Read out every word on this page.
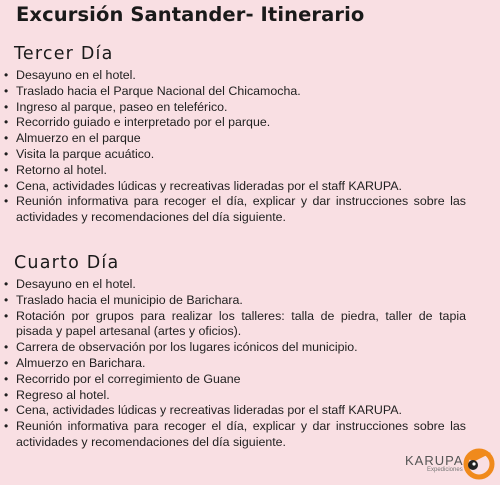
Excursión Santander- Itinerario
Tercer Día
• Desayuno en el hotel.
• Traslado hacia el Parque Nacional del Chicamocha.
• Ingreso al parque, paseo en teleférico.
• Recorrido guiado e interpretado por el parque.
• Almuerzo en el parque
• Visita la parque acuático.
• Retorno al hotel.
• Cena, actividades lúdicas y recreativas lideradas por el staff KARUPA.
• Reunión informativa para recoger el día, explicar y dar instrucciones sobre las actividades y recomendaciones del día siguiente.
Cuarto Día
• Desayuno en el hotel.
• Traslado hacia el municipio de Barichara.
• Rotación por grupos para realizar los talleres: talla de piedra, taller de tapia pisada y papel artesanal (artes y oficios).
• Carrera de observación por los lugares icónicos del municipio.
• Almuerzo en Barichara.
• Recorrido por el corregimiento de Guane
• Regreso al hotel.
• Cena, actividades lúdicas y recreativas lideradas por el staff KARUPA.
• Reunión informativa para recoger el día, explicar y dar instrucciones sobre las actividades y recomendaciones del día siguiente.
KARUPA
Expediciones
